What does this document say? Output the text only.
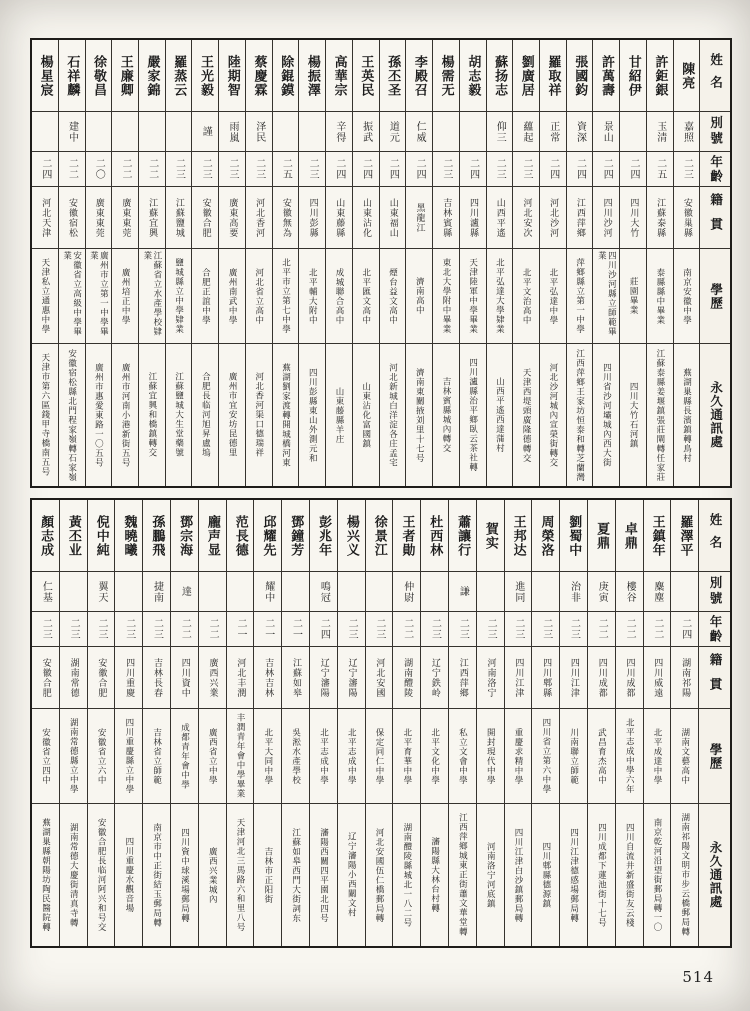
姓名
別號
年齡
籍貫
學歷
永久通訊處
陳亮
嘉照
二三
安徽巢縣
南京安徽中學
蕪湖巢縣長濱鎮轉鳥村
許鉅銀
玉清
二五
江蘇泰縣
泰縣縣中畢業
江蘇泰縣姜堰鎮張莊閘轉任家莊
甘紹伊
二四
四川大竹
莊園畢業
四川大竹石河鎮
許萬壽
景山
二四
四川沙河
四川沙河縣立師範畢業
四川省沙河壩城內西大街
張國鈞
資深
二四
江西萍鄉
萍鄉縣立第一中學
江西萍鄉王家坊恒泰和轉芝蘭灣
羅取祥
正常
二四
河北沙河
北平弘達中學
河北沙河城內宣榮街轉交
劉廣居
蘊起
二三
河北安次
北平文治高中
天津西堤頭廣隆德轉交
蘇扬志
仰三
二三
山西平遙
北平弘達大學肄業
山西平遙西達蒲村
胡志毅
二四
四川瀘縣
天津陸軍中學畢業
四川瀘縣治平鄉臥云茶社轉
楊需无
二三
吉林賓縣
東北大學附中畢業
吉林賓縣城內轉交
李殿召
仁威
二四
黑龍江
濟南高中
濟南東關掖刘里十七号
孫丕圣
道元
二四
山東福山
煙台益文高中
河北新城白洋淀各庄孟宅
王英民
振武
二四
山東沾化
北平匯文高中
山東沾化富國鎮
高華宗
辛得
二四
山東藤縣
成城聯合高中
山東藤縣羊庄
楊振澤
二三
四川彭縣
北平輔大附中
四川彭縣東山外測元和
除錕鏌
二五
安徽無為
北平市立第七中學
蕪湖劉家渡轉開城橋河東
蔡慶霖
泽民
二三
河北香河
河北省立高中
河北香河渠口德瑞祥
陸期智
雨嵐
二三
廣東高要
廣州南武中學
廣州市宜安坊昆德里
王光毅
謹
二三
安徽合肥
合肥正誼中學
合肥長临河旭昇盧塢
羅蒸云
二三
江蘇鹽城
鹽城縣立中學肄業
江蘇鹽城大生堂藥號
嚴家錦
二二
江蘇宜興
江蘇省立水產學校肄業
江蘇宜興和橋鎮轉交
王廉卿
二二
廣東東莞
廣州培正中學
廣州市河南小港新街五号
徐敬昌
二〇
廣東東莞
廣州市立第一中學畢業
廣州市惠愛東路一〇五号
石祥麟
建中
二二
安徽宿松
安徽省立高級中學畢業
安徽宿松縣北門程家嶺轉石家嶺
楊星宸
二四
河北天津
天津私立通惠中學
天津市第六區錢甲寺橋南五号
姓名
別號
年齡
籍貫
學歷
永久通訊處
羅澤平
二四
湖南祁陽
湖南文藝高中
湖南祁陽文明市步云橋郵局轉
王鎮年
麋塵
二二
四川威遠
北平成達中學
南京乾河沿望街郵局轉一〇
卓鼎
樓谷
二二
四川成都
北平志成中學六年
四川自流井新盛街友云棧
夏鼎
庚寅
二二
四川成都
武昌育杰高中
四川成都下蓮池街十七号
劉蜀中
治非
二三
四川江津
川南聯立師範
四川江津德感場郵局轉
周榮洛
二三
四川郫縣
四川省立第六中學
四川郫縣德源鎮
王邦达
進同
二三
四川江津
重慶求精中學
四川江津白沙鎮郵局轉
賀实
二三
河南洛宁
開封現代中學
河南洛宁河底鎮
蕭讓行
謙
二三
江西萍鄉
私立文會中學
江西萍鄉城東正街蕭文華堂轉
杜西林
二三
辽宁鉄岭
北平文化中學
瀋陽縣大林台村轉
王者勛
仲尉
二二
湖南醴陵
北平育華中學
湖南醴陵縣城北一八二号
徐景江
二三
河北安國
保定同仁中學
河北安國伍仁橋郵局轉
楊兴义
二三
辽宁瀋陽
北平志成中學
辽宁瀋陽小西關文村
彭兆年
鳴冠
二四
辽宁瀋陽
北平志成中學
瀋陽西關四平園北四号
鄧鐘芳
二一
江蘇如皋
吳淞水產學校
江蘇如皋西門大街詞东
邱耀先
耀中
二一
吉林吉林
北平大同中學
吉林市正阳街
范長德
二一
河北丰潤
丰潤青年會中學畢業
天津河北三馬路六和里八号
龐声显
二二
廣西兴業
廣西省立中學
廣西兴業城內
鄧宗海
達
二二
四川資中
成都青年會中學
四川資中球溪場郵局轉
孫鵬飛
捷南
二三
吉林長春
吉林省立師範
南京市中正街結玉郵局轉
魏曉曦
二三
四川重慶
四川重慶縣立中學
四川重慶水觀音場
倪中純
翼天
二三
安徽合肥
安徽省立六中
安徽合肥長临河阿兴和号交
黃丕业
二三
湖南常德
湖南常德縣立中學
湖南常德大慶街清真寺轉
顏志成
仁基
二三
安徽合肥
安徽省立四中
蕪湖巢縣朝陽坊陶民醫院轉
514
